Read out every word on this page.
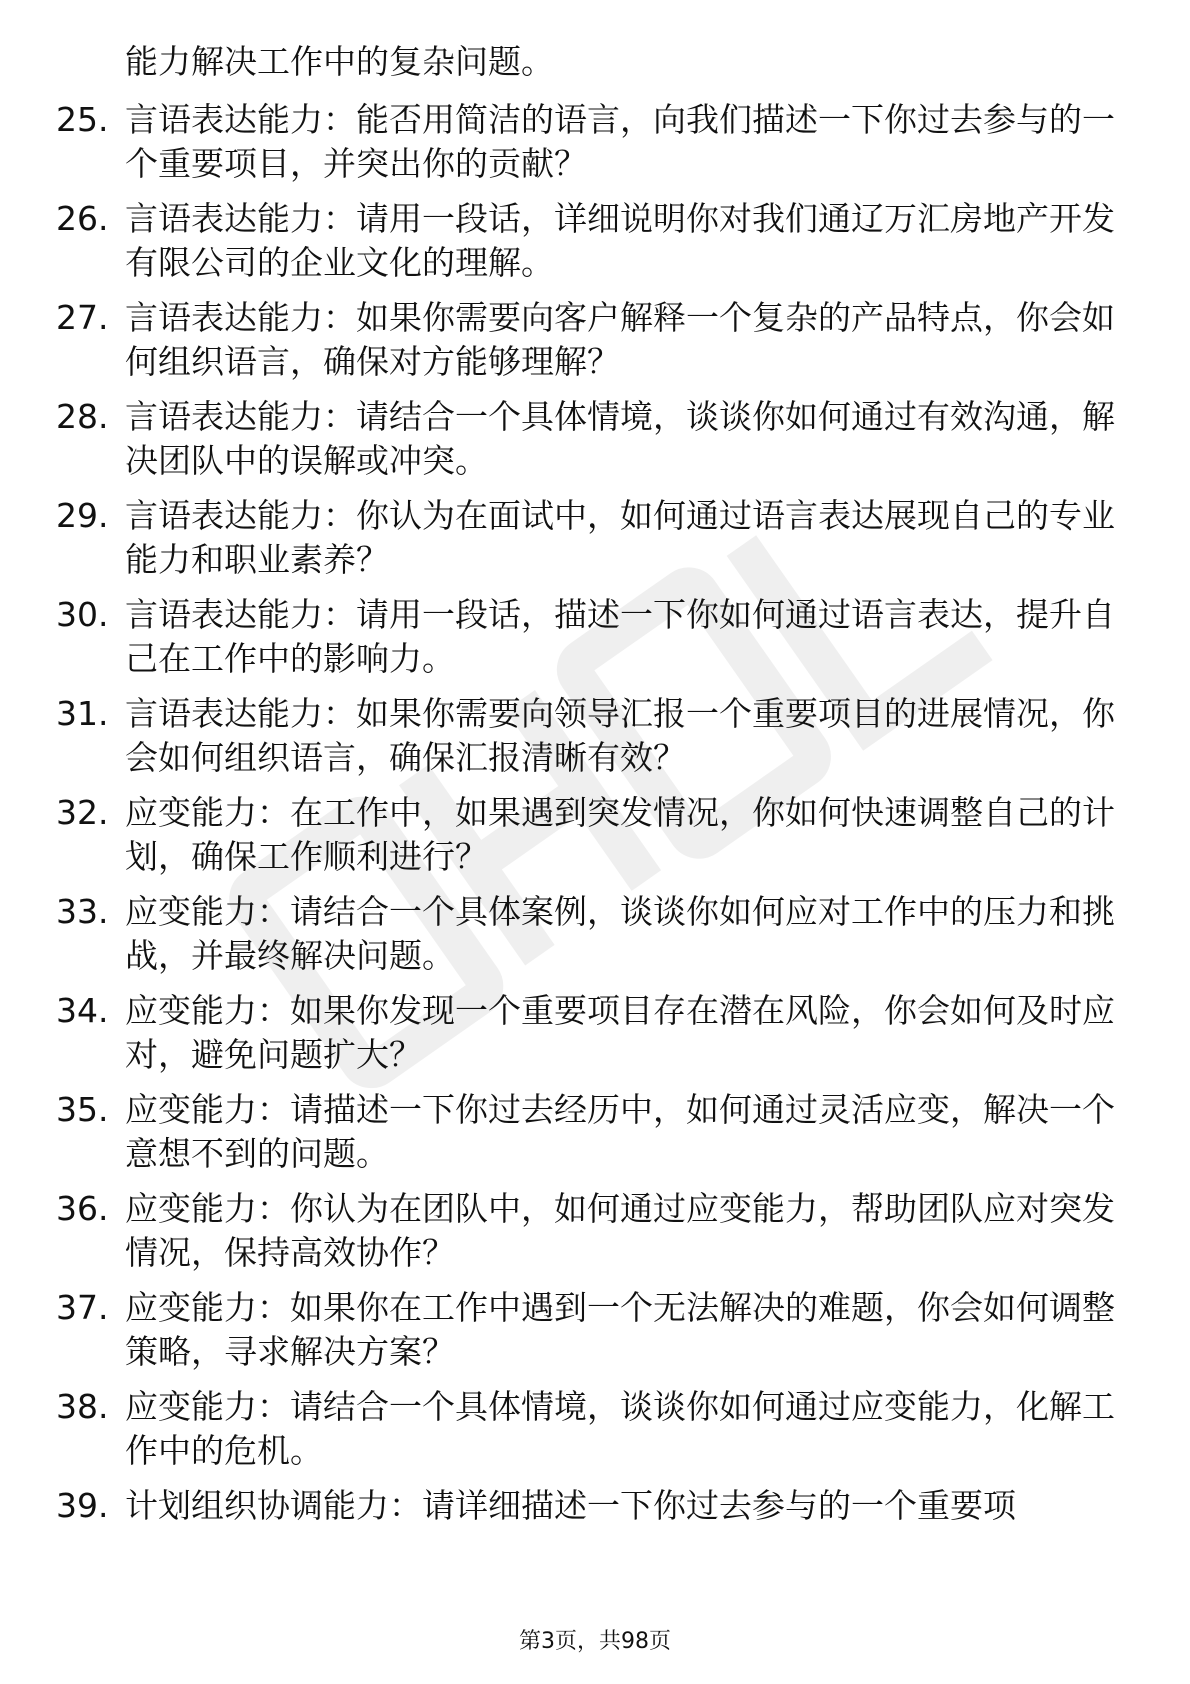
能力解决工作中的复杂问题。

25. 言语表达能力：能否用简洁的语言，向我们描述一下你过去参与的一个重要项目，并突出你的贡献？
26. 言语表达能力：请用一段话，详细说明你对我们通辽万汇房地产开发有限公司的企业文化的理解。
27. 言语表达能力：如果你需要向客户解释一个复杂的产品特点，你会如何组织语言，确保对方能够理解？
28. 言语表达能力：请结合一个具体情境，谈谈你如何通过有效沟通，解决团队中的误解或冲突。
29. 言语表达能力：你认为在面试中，如何通过语言表达展现自己的专业能力和职业素养？
30. 言语表达能力：请用一段话，描述一下你如何通过语言表达，提升自己在工作中的影响力。
31. 言语表达能力：如果你需要向领导汇报一个重要项目的进展情况，你会如何组织语言，确保汇报清晰有效？
32. 应变能力：在工作中，如果遇到突发情况，你如何快速调整自己的计划，确保工作顺利进行？
33. 应变能力：请结合一个具体案例，谈谈你如何应对工作中的压力和挑战，并最终解决问题。
34. 应变能力：如果你发现一个重要项目存在潜在风险，你会如何及时应对，避免问题扩大？
35. 应变能力：请描述一下你过去经历中，如何通过灵活应变，解决一个意想不到的问题。
36. 应变能力：你认为在团队中，如何通过应变能力，帮助团队应对突发情况，保持高效协作？
37. 应变能力：如果你在工作中遇到一个无法解决的难题，你会如何调整策略，寻求解决方案？
38. 应变能力：请结合一个具体情境，谈谈你如何通过应变能力，化解工作中的危机。
39. 计划组织协调能力：请详细描述一下你过去参与的一个重要项
第3页，共98页
